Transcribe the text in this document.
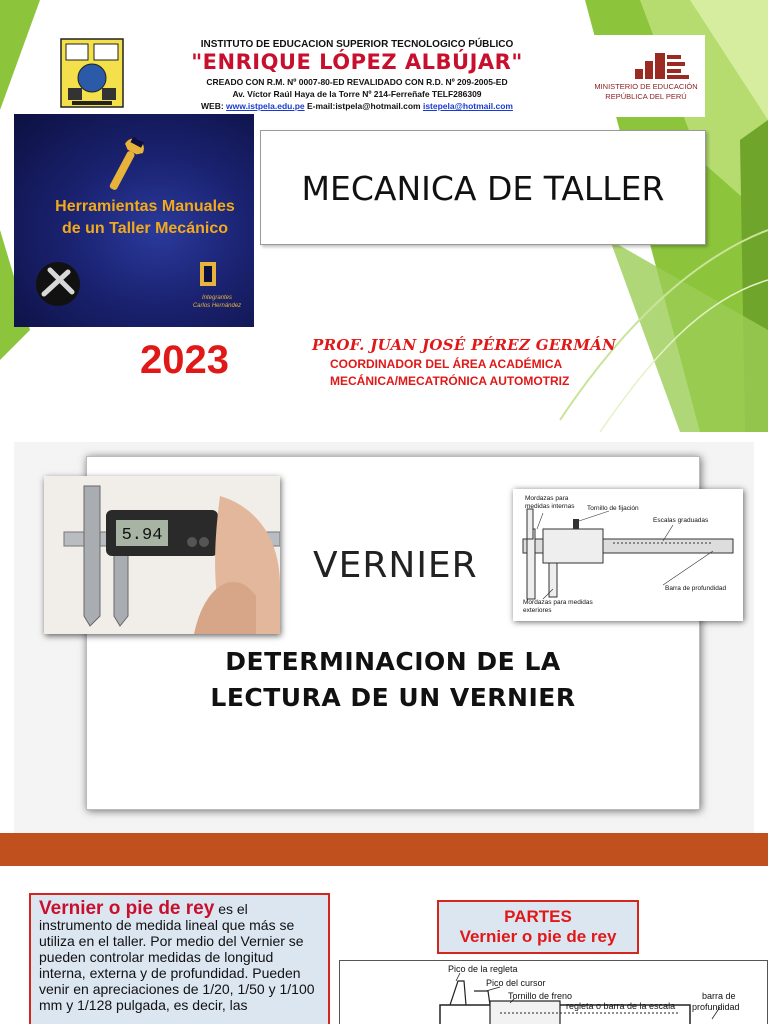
INSTITUTO DE EDUCACION SUPERIOR TECNOLOGICO PÚBLICO
"ENRIQUE LÓPEZ ALBÚJAR"
CREADO CON R.M. Nº 0007-80-ED REVALIDADO CON R.D. Nº 209-2005-ED
Av. Víctor Raúl Haya de la Torre Nº 214-Ferreñafe TELF286309
WEB: www.istpela.edu.pe E-mail:istpela@hotmail.com istepela@hotmail.com
MINISTERIO DE EDUCACIÓN
REPÚBLICA DEL PERÚ
Herramientas Manuales
de un Taller Mecánico
Integrantes
Carlos Hernández
MECANICA DE TALLER
2023	PROF. JUAN JOSÉ PÉREZ GERMÁN
COORDINADOR DEL ÁREA ACADÉMICA
MECÁNICA/MECATRÓNICA AUTOMOTRIZ
5.94
VERNIER
Mordazas para medidas internas	Tornillo de fijación
Escalas graduadas
Barra de profundidad
Mordazas para medidas exteriores
DETERMINACION DE LA
LECTURA DE UN VERNIER
Vernier o pie de rey es el instrumento de medida lineal que más se utiliza en el taller. Por medio del Vernier se pueden controlar medidas de longitud interna, externa y de profundidad. Pueden venir en apreciaciones de 1/20, 1/50 y 1/100 mm y 1/128 pulgada, es decir, las
PARTES
Vernier o pie de rey
Pico de la regleta
Pico del cursor
Tornillo de freno
regleta o barra de la escala
barra de
profundidad
